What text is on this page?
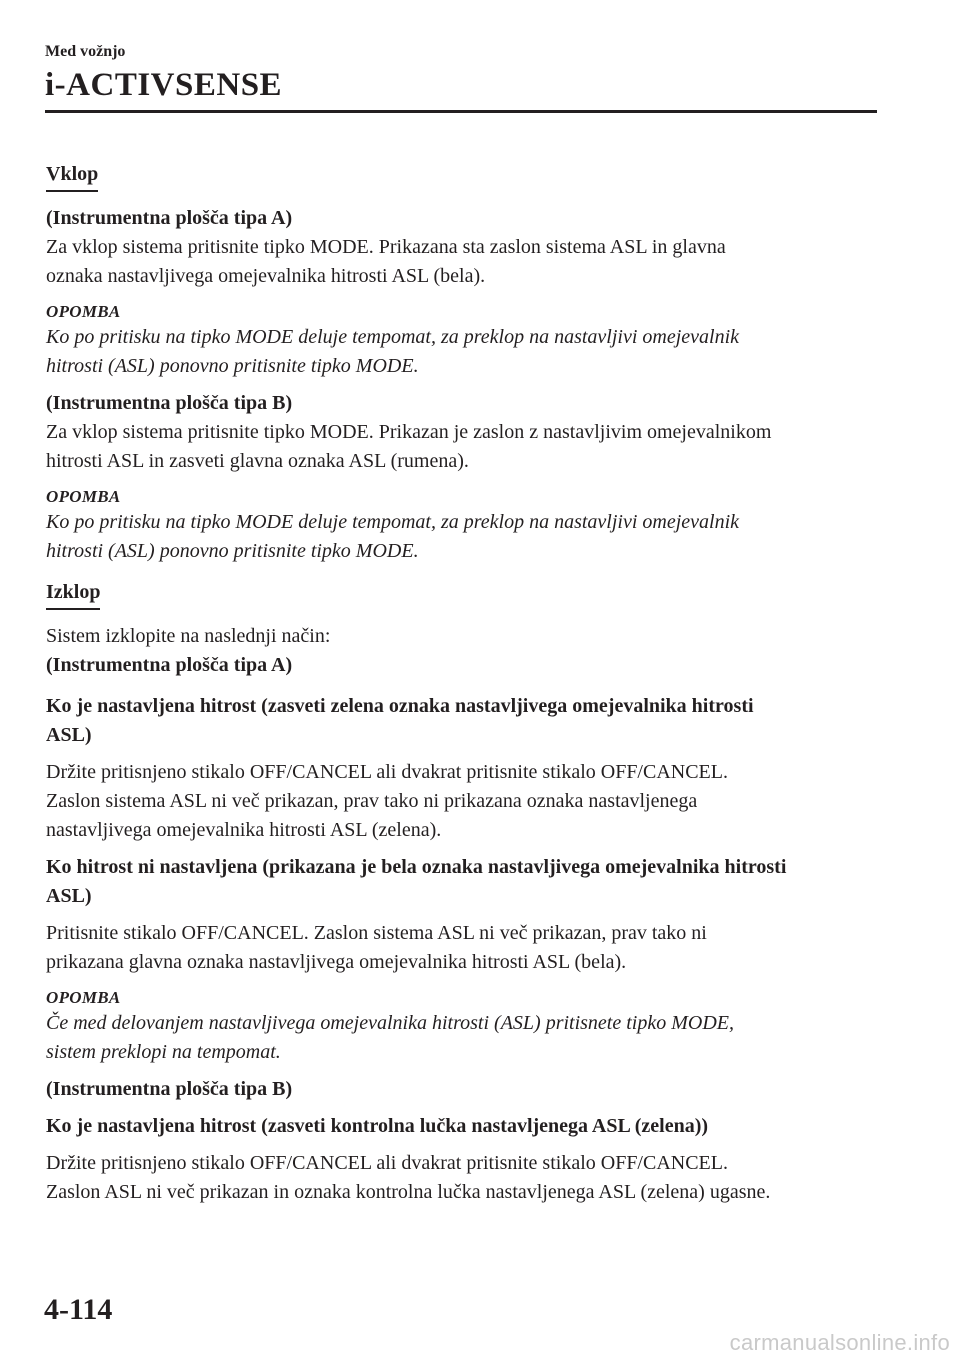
Med vožnjo
i-ACTIVSENSE
Vklop

(Instrumentna plošča tipa A)

Za vklop sistema pritisnite tipko MODE. Prikazana sta zaslon sistema ASL in glavna

oznaka nastavljivega omejevalnika hitrosti ASL (bela).

OPOMBA

Ko po pritisku na tipko MODE deluje tempomat, za preklop na nastavljivi omejevalnik

hitrosti (ASL) ponovno pritisnite tipko MODE.

(Instrumentna plošča tipa B)

Za vklop sistema pritisnite tipko MODE. Prikazan je zaslon z nastavljivim omejevalnikom

hitrosti ASL in zasveti glavna oznaka ASL (rumena).

OPOMBA

Ko po pritisku na tipko MODE deluje tempomat, za preklop na nastavljivi omejevalnik

hitrosti (ASL) ponovno pritisnite tipko MODE.

Izklop

Sistem izklopite na naslednji način:

(Instrumentna plošča tipa A)

Ko je nastavljena hitrost (zasveti zelena oznaka nastavljivega omejevalnika hitrosti

ASL)

Držite pritisnjeno stikalo OFF/CANCEL ali dvakrat pritisnite stikalo OFF/CANCEL.

Zaslon sistema ASL ni več prikazan, prav tako ni prikazana oznaka nastavljenega

nastavljivega omejevalnika hitrosti ASL (zelena).

Ko hitrost ni nastavljena (prikazana je bela oznaka nastavljivega omejevalnika hitrosti

ASL)

Pritisnite stikalo OFF/CANCEL. Zaslon sistema ASL ni več prikazan, prav tako ni

prikazana glavna oznaka nastavljivega omejevalnika hitrosti ASL (bela).

OPOMBA

Če med delovanjem nastavljivega omejevalnika hitrosti (ASL) pritisnete tipko MODE,

sistem preklopi na tempomat.

(Instrumentna plošča tipa B)

Ko je nastavljena hitrost (zasveti kontrolna lučka nastavljenega ASL (zelena))

Držite pritisnjeno stikalo OFF/CANCEL ali dvakrat pritisnite stikalo OFF/CANCEL.

Zaslon ASL ni več prikazan in oznaka kontrolna lučka nastavljenega ASL (zelena) ugasne.

4-114
carmanualsonline.info
